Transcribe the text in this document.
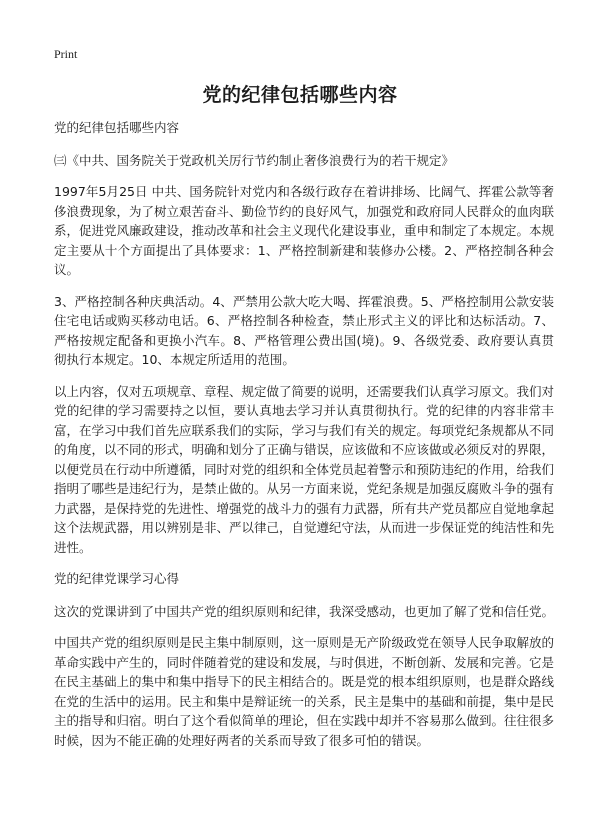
Print
党的纪律包括哪些内容

党的纪律包括哪些内容

㈢《中共、国务院关于党政机关厉行节约制止奢侈浪费行为的若干规定》

1997年5月25日 中共、国务院针对党内和各级行政存在着讲排场、比阔气、挥霍公款等奢侈浪费现象，为了树立艰苦奋斗、勤俭节约的良好风气，加强党和政府同人民群众的血肉联系，促进党风廉政建设，推动改革和社会主义现代化建设事业，重申和制定了本规定。本规定主要从十个方面提出了具体要求：1、严格控制新建和装修办公楼。2、严格控制各种会议。

3、严格控制各种庆典活动。4、严禁用公款大吃大喝、挥霍浪费。5、严格控制用公款安装住宅电话或购买移动电话。6、严格控制各种检查，禁止形式主义的评比和达标活动。7、严格按规定配备和更换小汽车。8、严格管理公费出国(境)。9、各级党委、政府要认真贯彻执行本规定。10、本规定所适用的范围。

以上内容，仅对五项规章、章程、规定做了简要的说明，还需要我们认真学习原文。我们对党的纪律的学习需要持之以恒，要认真地去学习并认真贯彻执行。党的纪律的内容非常丰富，在学习中我们首先应联系我们的实际，学习与我们有关的规定。每项党纪条规都从不同的角度，以不同的形式，明确和划分了正确与错误，应该做和不应该做或必须反对的界限，以便党员在行动中所遵循，同时对党的组织和全体党员起着警示和预防违纪的作用，给我们指明了哪些是违纪行为，是禁止做的。从另一方面来说，党纪条规是加强反腐败斗争的强有力武器，是保持党的先进性、增强党的战斗力的强有力武器，所有共产党员都应自觉地拿起这个法规武器，用以辨别是非、严以律己，自觉遵纪守法，从而进一步保证党的纯洁性和先进性。

党的纪律党课学习心得

这次的党课讲到了中国共产党的组织原则和纪律，我深受感动，也更加了解了党和信任党。

中国共产党的组织原则是民主集中制原则，这一原则是无产阶级政党在领导人民争取解放的革命实践中产生的，同时伴随着党的建设和发展，与时俱进，不断创新、发展和完善。它是在民主基础上的集中和集中指导下的民主相结合的。既是党的根本组织原则，也是群众路线在党的生活中的运用。民主和集中是辩证统一的关系，民主是集中的基础和前提，集中是民主的指导和归宿。明白了这个看似简单的理论，但在实践中却并不容易那么做到。往往很多时候，因为不能正确的处理好两者的关系而导致了很多可怕的错误。
